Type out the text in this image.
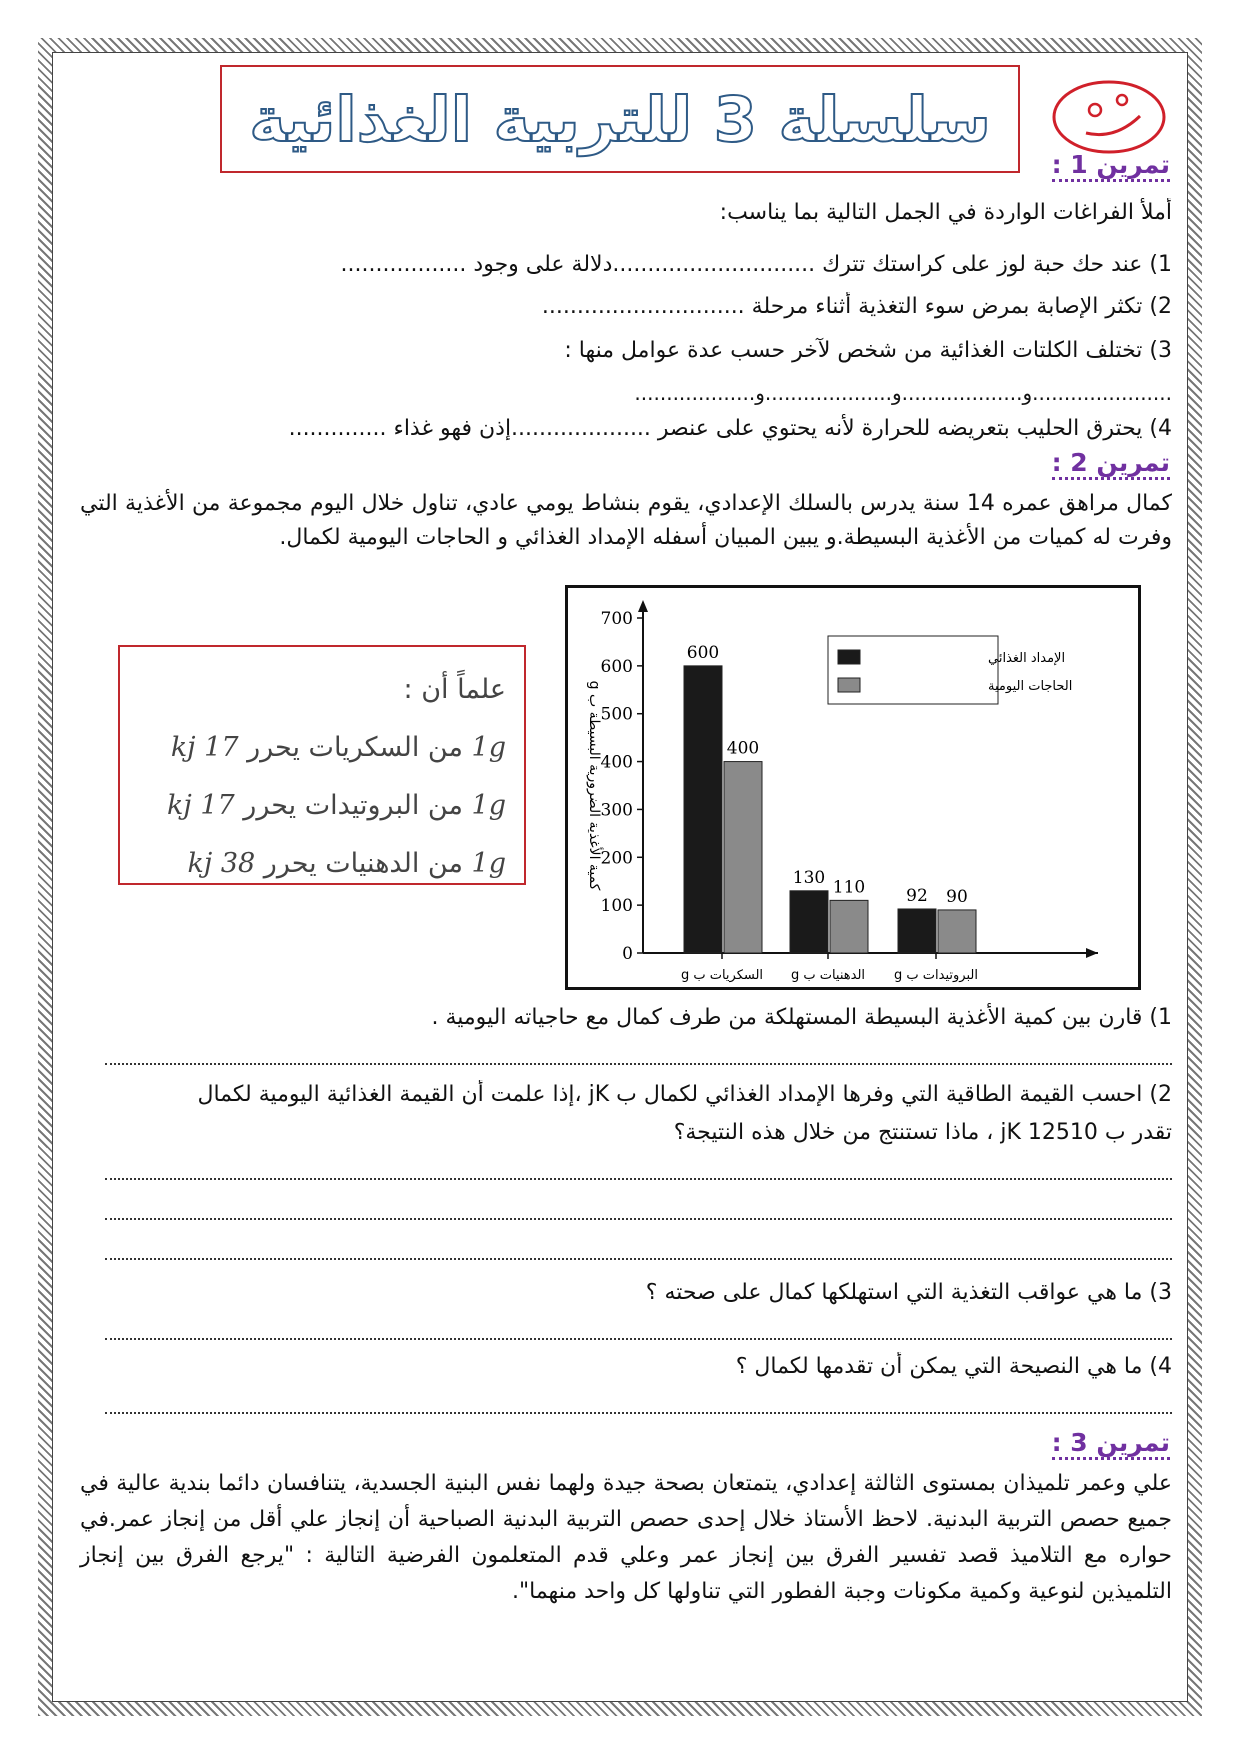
سلسلة 3 للتربية الغذائية
تمرين 1 :
أملأ الفراغات الواردة في الجمل التالية بما يناسب:
1) عند حك حبة لوز على كراستك تترك .............................دلالة على وجود ..................
2) تكثر الإصابة بمرض سوء التغذية أثناء مرحلة .............................
3) تختلف الكلتات الغذائية من شخص لآخر حسب عدة عوامل منها :
......................و...................و....................و...................
4) يحترق الحليب بتعريضه للحرارة لأنه يحتوي على عنصر ....................إذن فهو غذاء ..............
تمرين 2 :
كمال مراهق عمره 14 سنة يدرس بالسلك الإعدادي، يقوم بنشاط يومي عادي، تناول خلال اليوم مجموعة من الأغذية التي وفرت له كميات من الأغذية البسيطة.و يبين المبيان أسفله الإمداد الغذائي و الحاجات اليومية لكمال.
علماً أن :
1g من السكريات يحرر 17 kj
1g من البروتيدات يحرر 17 kj
1g من الدهنيات يحرر 38 kj
0
100
200
300
400
500
600
700
كمية الأغذية الضرورية البسيطة ب g
600
400
السكريات ب g
130 110
الدهنيات ب g
92 90
البروتيدات ب g
الإمداد الغذائي
الحاجات اليومية
1) قارن بين كمية الأغذية البسيطة المستهلكة من طرف كمال مع حاجياته اليومية .
2) احسب القيمة الطاقية التي وفرها الإمداد الغذائي لكمال ب jK ،إذا علمت أن القيمة الغذائية اليومية لكمال
تقدر ب 12510 jK ، ماذا تستنتج من خلال هذه النتيجة؟
3) ما هي عواقب التغذية التي استهلكها كمال على صحته ؟
4) ما هي النصيحة التي يمكن أن تقدمها لكمال ؟
تمرين 3 :
علي وعمر تلميذان بمستوى الثالثة إعدادي، يتمتعان بصحة جيدة ولهما نفس البنية الجسدية، يتنافسان دائما بندية عالية في جميع حصص التربية البدنية. لاحظ الأستاذ خلال إحدى حصص التربية البدنية الصباحية أن إنجاز علي أقل من إنجاز عمر.في حواره مع التلاميذ قصد تفسير الفرق بين إنجاز عمر وعلي قدم المتعلمون الفرضية التالية : "يرجع الفرق بين إنجاز التلميذين لنوعية وكمية مكونات وجبة الفطور التي تناولها كل واحد منهما".
